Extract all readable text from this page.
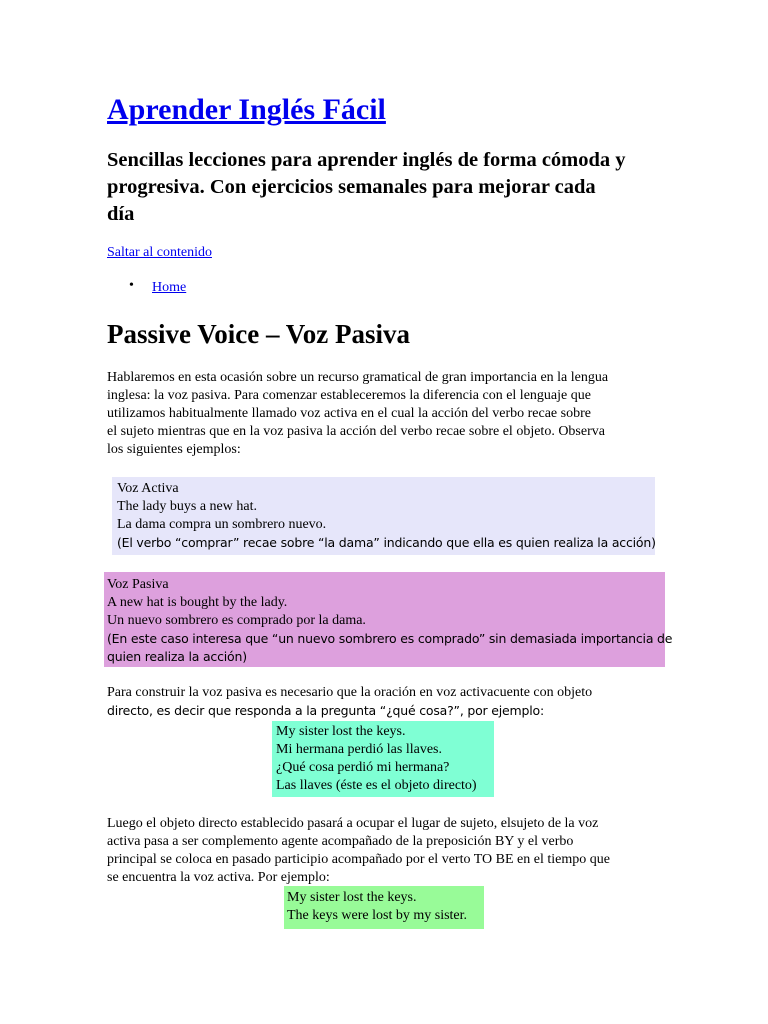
Aprender Inglés Fácil
Sencillas lecciones para aprender inglés de forma cómoda y progresiva. Con ejercicios semanales para mejorar cada día
Saltar al contenido
• Home
Passive Voice – Voz Pasiva
Hablaremos en esta ocasión sobre un recurso gramatical de gran importancia en la lengua
inglesa: la voz pasiva. Para comenzar estableceremos la diferencia con el lenguaje que
utilizamos habitualmente llamado voz activa en el cual la acción del verbo recae sobre
el sujeto mientras que en la voz pasiva la acción del verbo recae sobre el objeto. Observa
los siguientes ejemplos:
Voz Activa
The lady buys a new hat.
La dama compra un sombrero nuevo.
(El verbo “comprar” recae sobre “la dama” indicando que ella es quien realiza la acción)
Voz Pasiva
A new hat is bought by the lady.
Un nuevo sombrero es comprado por la dama.
(En este caso interesa que “un nuevo sombrero es comprado” sin demasiada importancia de
quien realiza la acción)
Para construir la voz pasiva es necesario que la oración en voz activacuente con objeto
directo, es decir que responda a la pregunta “¿qué cosa?”, por ejemplo:
My sister lost the keys.
Mi hermana perdió las llaves.
¿Qué cosa perdió mi hermana?
Las llaves (éste es el objeto directo)
Luego el objeto directo establecido pasará a ocupar el lugar de sujeto, elsujeto de la voz
activa pasa a ser complemento agente acompañado de la preposición BY y el verbo
principal se coloca en pasado participio acompañado por el verto TO BE en el tiempo que
se encuentra la voz activa. Por ejemplo:
My sister lost the keys.
The keys were lost by my sister.
